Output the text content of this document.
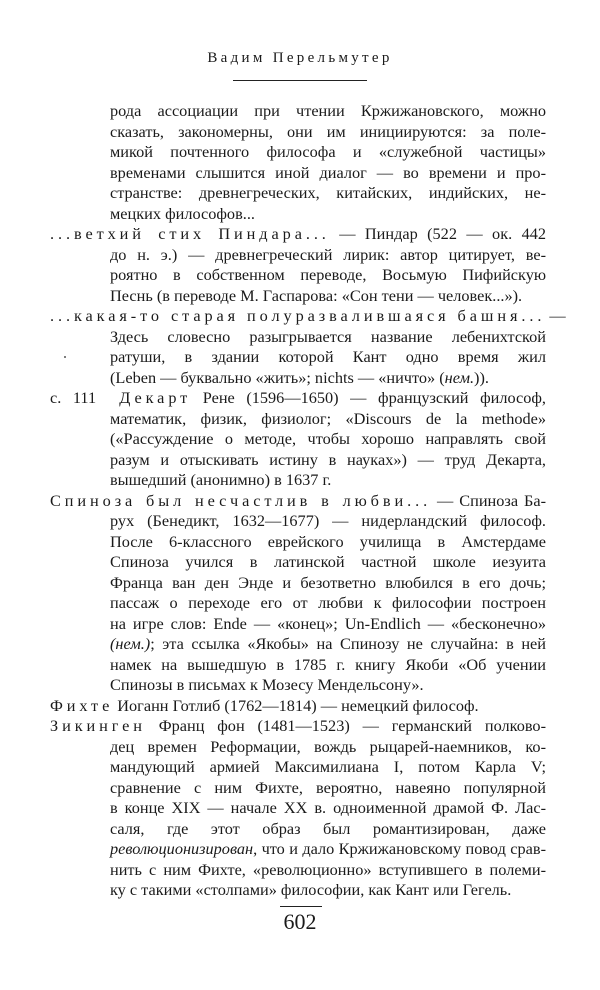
Вадим Перельмутер
рода ассоциации при чтении Кржижановского, можно
сказать, закономерны, они им инициируются: за поле-
микой почтенного философа и «служебной частицы»
временами слышится иной диалог — во времени и про-
странстве: древнегреческих, китайских, индийских, не-
мецких философов...
...ветхий стих Пиндара... — Пиндар (522 — ок. 442
до н. э.) — древнегреческий лирик: автор цитирует, ве-
роятно в собственном переводе, Восьмую Пифийскую
Песнь (в переводе М. Гаспарова: «Сон тени — человек...»).
...какая-то старая полуразвалившаяся башня... —
Здесь словесно разыгрывается название лебенихтской
ратуши, в здании которой Кант одно время жил
(Leben — буквально «жить»; nichts — «ничто» (нем.)).
с. 111 Декарт Рене (1596—1650) — французский философ,
математик, физик, физиолог; «Discours de la methode»
(«Рассуждение о методе, чтобы хорошо направлять свой
разум и отыскивать истину в науках») — труд Декарта,
вышедший (анонимно) в 1637 г.
Спиноза был несчастлив в любви... — Спиноза Ба-
рух (Бенедикт, 1632—1677) — нидерландский философ.
После 6-классного еврейского училища в Амстердаме
Спиноза учился в латинской частной школе иезуита
Франца ван ден Энде и безответно влюбился в его дочь;
пассаж о переходе его от любви к философии построен
на игре слов: Ende — «конец»; Un-Endlich — «бесконечно»
(нем.); эта ссылка «Якобы» на Спинозу не случайна: в ней
намек на вышедшую в 1785 г. книгу Якоби «Об учении
Спинозы в письмах к Мозесу Мендельсону».
Фихте Иоганн Готлиб (1762—1814) — немецкий философ.
Зикинген Франц фон (1481—1523) — германский полково-
дец времен Реформации, вождь рыцарей-наемников, ко-
мандующий армией Максимилиана I, потом Карла V;
сравнение с ним Фихте, вероятно, навеяно популярной
в конце XIX — начале XX в. одноименной драмой Ф. Лас-
саля, где этот образ был романтизирован, даже
революционизирован, что и дало Кржижановскому повод срав-
нить с ним Фихте, «революционно» вступившего в полеми-
ку с такими «столпами» философии, как Кант или Гегель.
602
